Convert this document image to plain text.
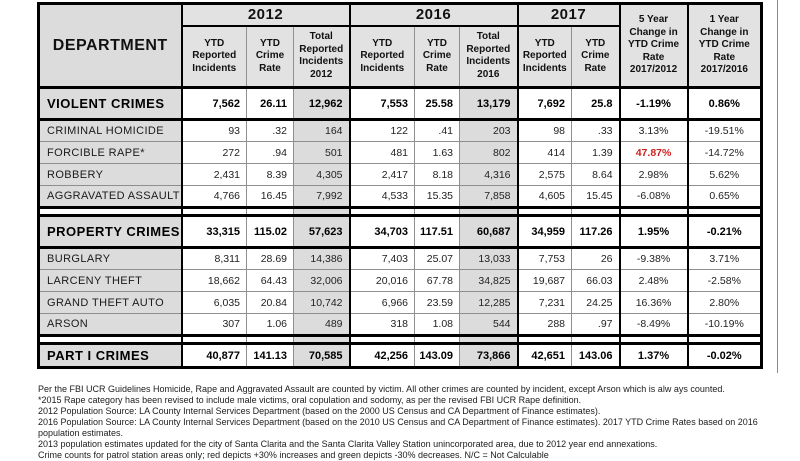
DEPARTMENT	2012			2016			2017		5 Year Change in YTD Crime Rate 2017/2012	1 Year Change in YTD Crime Rate 2017/2016
	YTD Reported Incidents	YTD Crime Rate	Total Reported Incidents 2012	YTD Reported Incidents	YTD Crime Rate	Total Reported Incidents 2016	YTD Reported Incidents	YTD Crime Rate		
VIOLENT CRIMES	7,562	26.11	12,962	7,553	25.58	13,179	7,692	25.8	-1.19%	0.86%
CRIMINAL HOMICIDE	93	.32	164	122	.41	203	98	.33	3.13%	-19.51%
FORCIBLE RAPE*	272	.94	501	481	1.63	802	414	1.39	47.87%	-14.72%
ROBBERY	2,431	8.39	4,305	2,417	8.18	4,316	2,575	8.64	2.98%	5.62%
AGGRAVATED ASSAULT	4,766	16.45	7,992	4,533	15.35	7,858	4,605	15.45	-6.08%	0.65%

PROPERTY CRIMES	33,315	115.02	57,623	34,703	117.51	60,687	34,959	117.26	1.95%	-0.21%
BURGLARY	8,311	28.69	14,386	7,403	25.07	13,033	7,753	26	-9.38%	3.71%
LARCENY THEFT	18,662	64.43	32,006	20,016	67.78	34,825	19,687	66.03	2.48%	-2.58%
GRAND THEFT AUTO	6,035	20.84	10,742	6,966	23.59	12,285	7,231	24.25	16.36%	2.80%
ARSON	307	1.06	489	318	1.08	544	288	.97	-8.49%	-10.19%

PART I CRIMES	40,877	141.13	70,585	42,256	143.09	73,866	42,651	143.06	1.37%	-0.02%
Per the FBI UCR Guidelines Homicide, Rape and Aggravated Assault are counted by victim. All other crimes are counted by incident, except Arson which is alw ays counted.
*2015 Rape category has been revised to include male victims, oral copulation and sodomy, as per the revised FBI UCR Rape definition.
2012 Population Source: LA County Internal Services Department (based on the 2000 US Census and CA Department of Finance estimates).
2016 Population Source: LA County Internal Services Department (based on the 2010 US Census and CA Department of Finance estimates). 2017 YTD Crime Rates based on 2016 population estimates.
2013 population estimates updated for the city of Santa Clarita and the Santa Clarita Valley Station unincorporated area, due to 2012 year end annexations.
Crime counts for patrol station areas only; red depicts +30% increases and green depicts -30% decreases. N/C = Not Calculable
